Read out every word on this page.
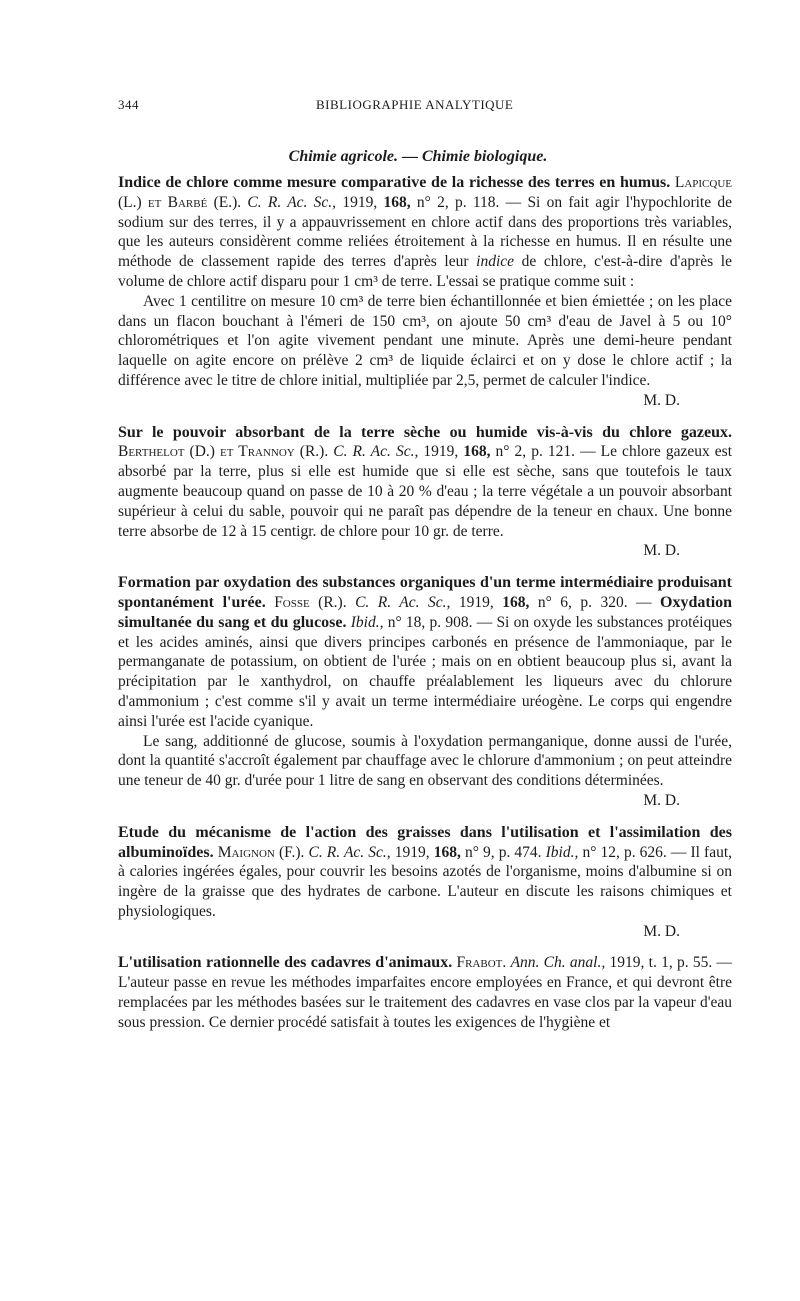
344	BIBLIOGRAPHIE ANALYTIQUE
Chimie agricole. — Chimie biologique.

Indice de chlore comme mesure comparative de la richesse des terres en humus. Lapicque (L.) et Barbé (E.). C. R. Ac. Sc., 1919, 168, n° 2, p. 118. — Si on fait agir l'hypochlorite de sodium sur des terres, il y a appauvrissement en chlore actif dans des proportions très variables, que les auteurs considèrent comme reliées étroitement à la richesse en humus. Il en résulte une méthode de classement rapide des terres d'après leur indice de chlore, c'est-à-dire d'après le volume de chlore actif disparu pour 1 cm³ de terre. L'essai se pratique comme suit :

Avec 1 centilitre on mesure 10 cm³ de terre bien échantillonnée et bien émiettée ; on les place dans un flacon bouchant à l'émeri de 150 cm³, on ajoute 50 cm³ d'eau de Javel à 5 ou 10° chlorométriques et l'on agite vivement pendant une minute. Après une demi-heure pendant laquelle on agite encore on prélève 2 cm³ de liquide éclairci et on y dose le chlore actif ; la différence avec le titre de chlore initial, multipliée par 2,5, permet de calculer l'indice.

M. D.

Sur le pouvoir absorbant de la terre sèche ou humide vis-à-vis du chlore gazeux. Berthelot (D.) et Trannoy (R.). C. R. Ac. Sc., 1919, 168, n° 2, p. 121. — Le chlore gazeux est absorbé par la terre, plus si elle est humide que si elle est sèche, sans que toutefois le taux augmente beaucoup quand on passe de 10 à 20 % d'eau ; la terre végétale a un pouvoir absorbant supérieur à celui du sable, pouvoir qui ne paraît pas dépendre de la teneur en chaux. Une bonne terre absorbe de 12 à 15 centigr. de chlore pour 10 gr. de terre.

M. D.

Formation par oxydation des substances organiques d'un terme intermédiaire produisant spontanément l'urée. Fosse (R.). C. R. Ac. Sc., 1919, 168, n° 6, p. 320. — Oxydation simultanée du sang et du glucose. Ibid., n° 18, p. 908. — Si on oxyde les substances protéiques et les acides aminés, ainsi que divers principes carbonés en présence de l'ammoniaque, par le permanganate de potassium, on obtient de l'urée ; mais on en obtient beaucoup plus si, avant la précipitation par le xanthydrol, on chauffe préalablement les liqueurs avec du chlorure d'ammonium ; c'est comme s'il y avait un terme intermédiaire uréogène. Le corps qui engendre ainsi l'urée est l'acide cyanique.

Le sang, additionné de glucose, soumis à l'oxydation permanganique, donne aussi de l'urée, dont la quantité s'accroît également par chauffage avec le chlorure d'ammonium ; on peut atteindre une teneur de 40 gr. d'urée pour 1 litre de sang en observant des conditions déterminées.

M. D.

Etude du mécanisme de l'action des graisses dans l'utilisation et l'assimilation des albuminoïdes. Maignon (F.). C. R. Ac. Sc., 1919, 168, n° 9, p. 474. Ibid., n° 12, p. 626. — Il faut, à calories ingérées égales, pour couvrir les besoins azotés de l'organisme, moins d'albumine si on ingère de la graisse que des hydrates de carbone. L'auteur en discute les raisons chimiques et physiologiques.

M. D.

L'utilisation rationnelle des cadavres d'animaux. Frabot. Ann. Ch. anal., 1919, t. 1, p. 55. — L'auteur passe en revue les méthodes imparfaites encore employées en France, et qui devront être remplacées par les méthodes basées sur le traitement des cadavres en vase clos par la vapeur d'eau sous pression. Ce dernier procédé satisfait à toutes les exigences de l'hygiène et
